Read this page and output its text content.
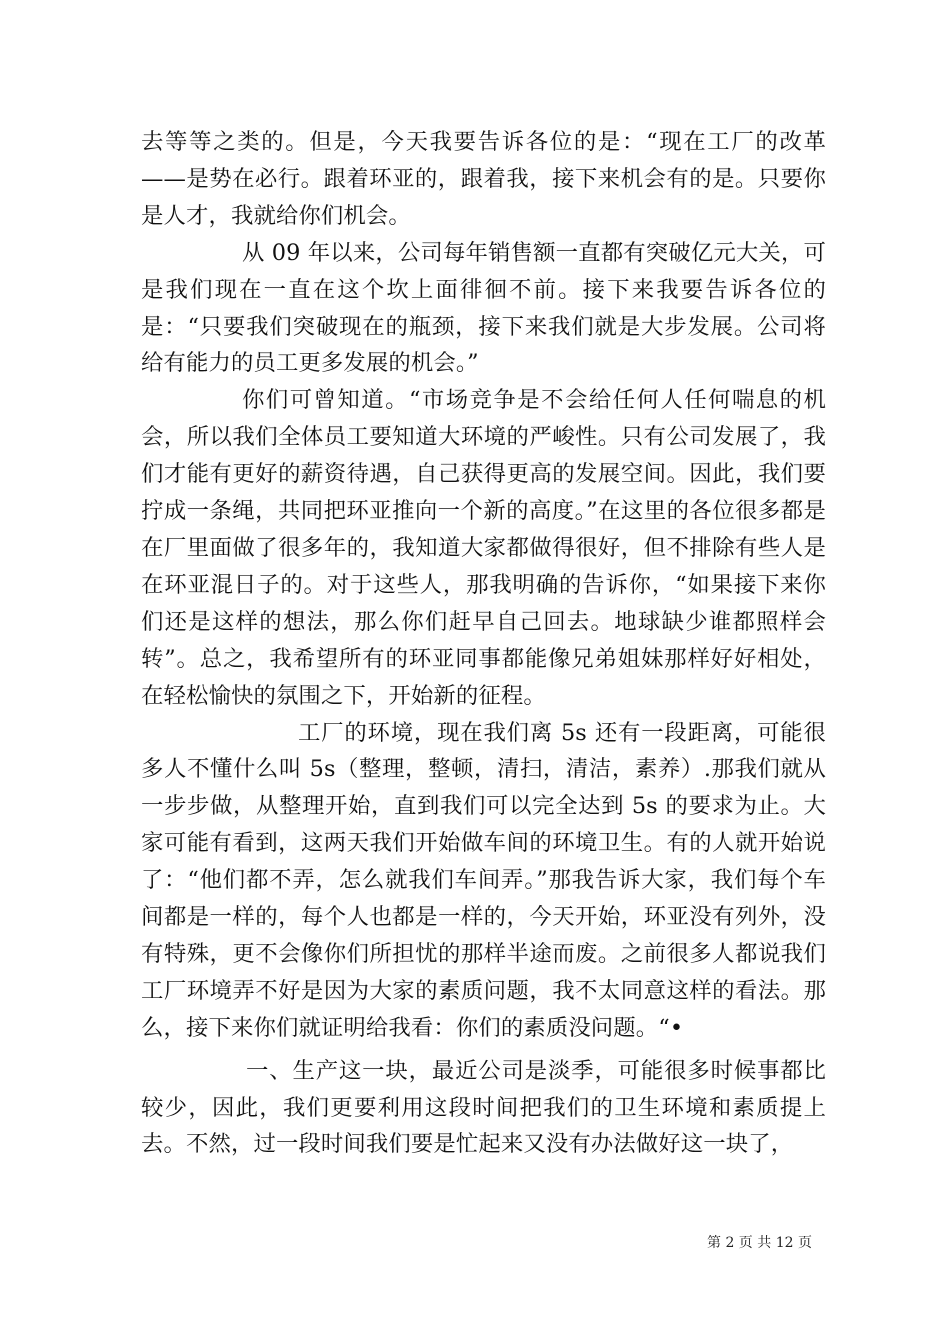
去等等之类的。但是，今天我要告诉各位的是：“现在工厂的改革——是势在必行。跟着环亚的，跟着我，接下来机会有的是。只要你是人才，我就给你们机会。

从 09 年以来，公司每年销售额一直都有突破亿元大关，可是我们现在一直在这个坎上面徘徊不前。接下来我要告诉各位的是：“只要我们突破现在的瓶颈，接下来我们就是大步发展。公司将给有能力的员工更多发展的机会。”

你们可曾知道。“市场竞争是不会给任何人任何喘息的机会，所以我们全体员工要知道大环境的严峻性。只有公司发展了，我们才能有更好的薪资待遇，自己获得更高的发展空间。因此，我们要拧成一条绳，共同把环亚推向一个新的高度。”在这里的各位很多都是在厂里面做了很多年的，我知道大家都做得很好，但不排除有些人是在环亚混日子的。对于这些人，那我明确的告诉你，“如果接下来你们还是这样的想法，那么你们赶早自己回去。地球缺少谁都照样会转”。总之，我希望所有的环亚同事都能像兄弟姐妹那样好好相处，在轻松愉快的氛围之下，开始新的征程。

工厂的环境，现在我们离 5s 还有一段距离，可能很多人不懂什么叫 5s（整理，整顿，清扫，清洁，素养）.那我们就从一步步做，从整理开始，直到我们可以完全达到 5s 的要求为止。大家可能有看到，这两天我们开始做车间的环境卫生。有的人就开始说了：“他们都不弄，怎么就我们车间弄。”那我告诉大家，我们每个车间都是一样的，每个人也都是一样的，今天开始，环亚没有列外，没有特殊，更不会像你们所担忧的那样半途而废。之前很多人都说我们工厂环境弄不好是因为大家的素质问题，我不太同意这样的看法。那么，接下来你们就证明给我看：你们的素质没问题。“•

一、生产这一块，最近公司是淡季，可能很多时候事都比较少，因此，我们更要利用这段时间把我们的卫生环境和素质提上去。不然，过一段时间我们要是忙起来又没有办法做好这一块了，

第 2 页 共 12 页
